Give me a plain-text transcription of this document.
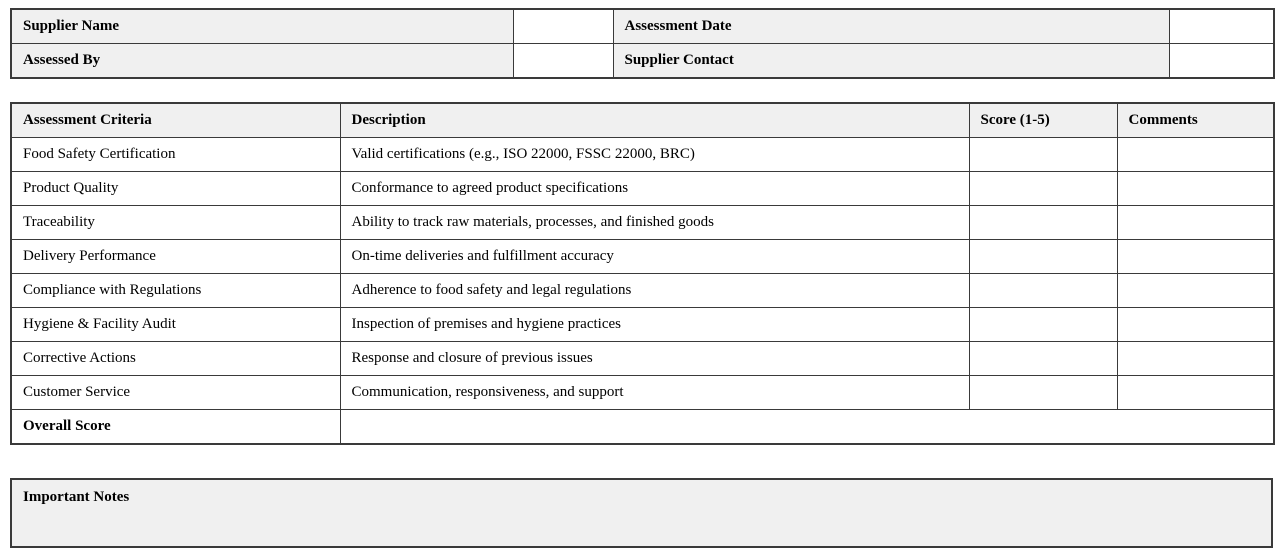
Supplier Name		Assessment Date	
Assessed By		Supplier Contact	
Assessment Criteria	Description	Score (1-5)	Comments
Food Safety Certification	Valid certifications (e.g., ISO 22000, FSSC 22000, BRC)		
Product Quality	Conformance to agreed product specifications		
Traceability	Ability to track raw materials, processes, and finished goods		
Delivery Performance	On-time deliveries and fulfillment accuracy		
Compliance with Regulations	Adherence to food safety and legal regulations		
Hygiene & Facility Audit	Inspection of premises and hygiene practices		
Corrective Actions	Response and closure of previous issues		
Customer Service	Communication, responsiveness, and support		
Overall Score			
Important Notes
